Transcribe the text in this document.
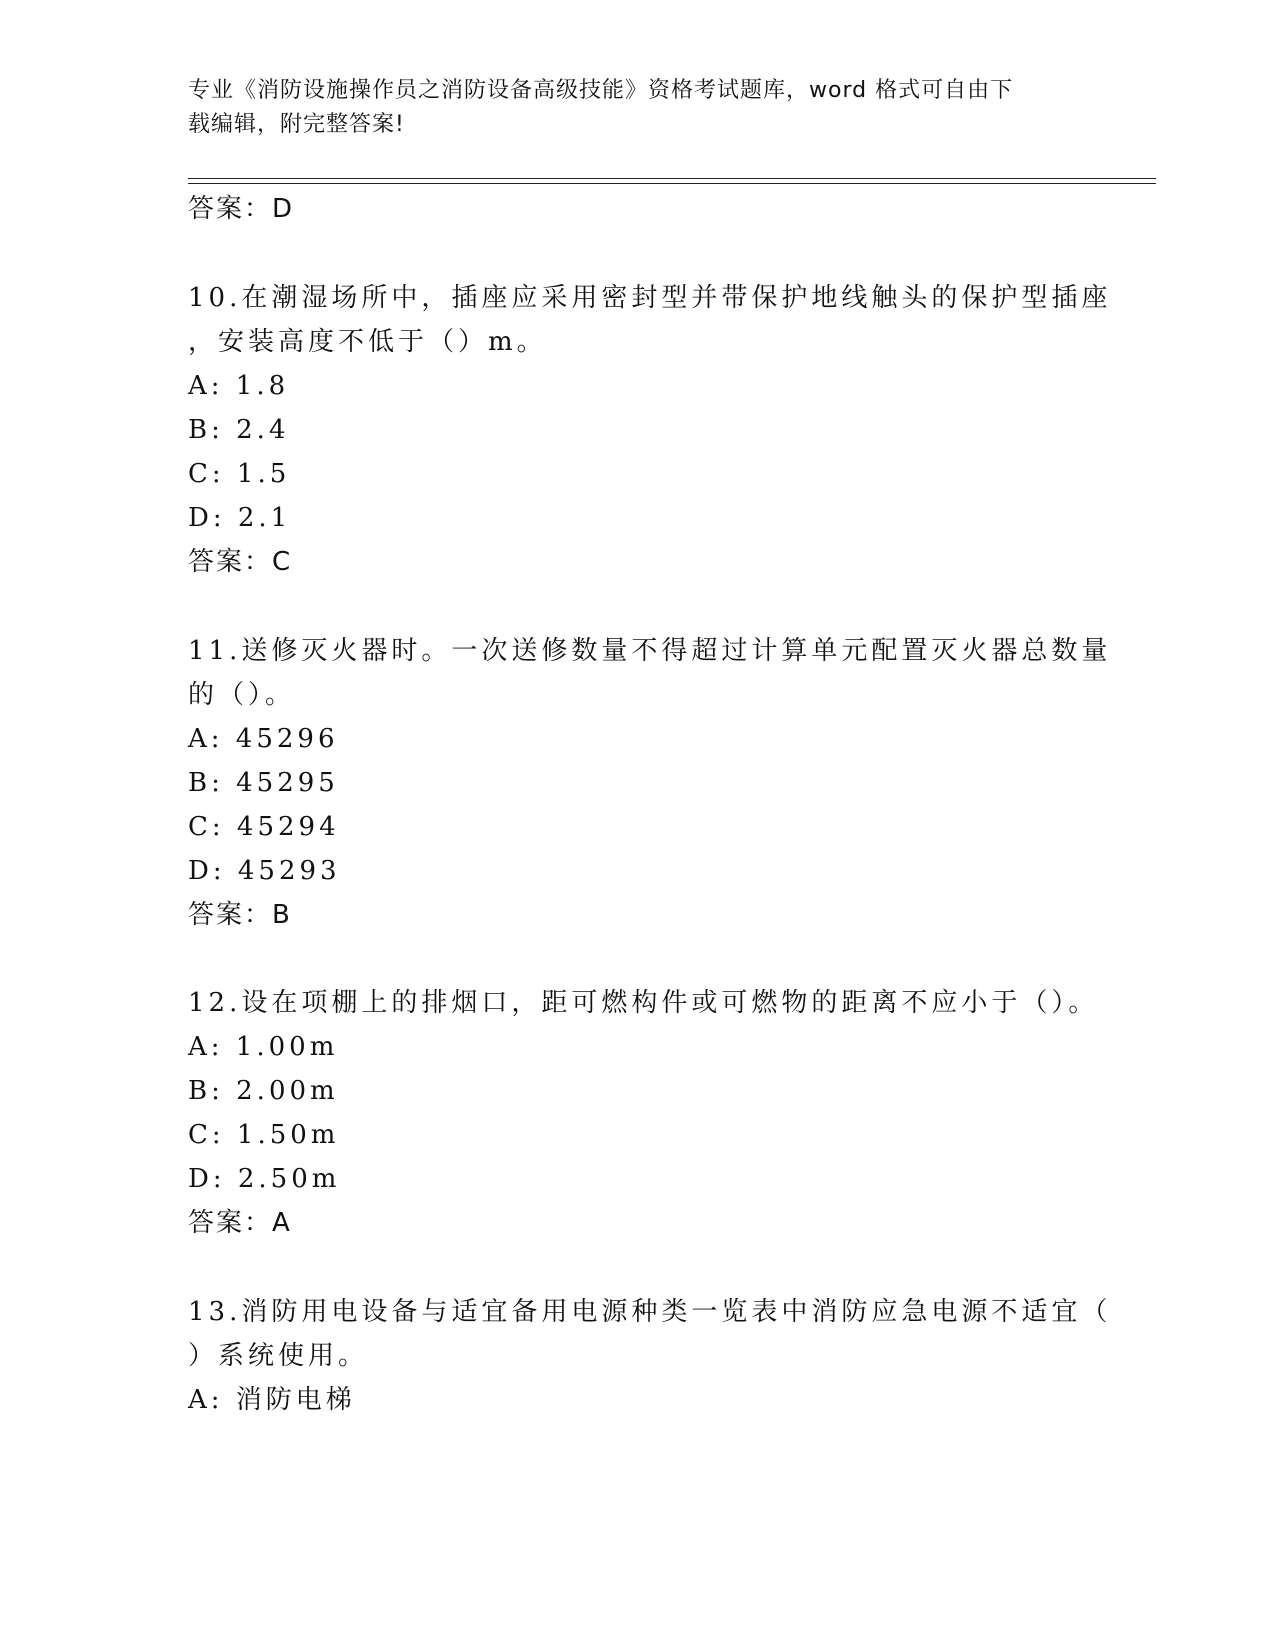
专业《消防设施操作员之消防设备高级技能》资格考试题库，word 格式可自由下
载编辑，附完整答案!
答案：D
10.在潮湿场所中，插座应采用密封型并带保护地线触头的保护型插座
，安装高度不低于（）m。
A: 1.8
B: 2.4
C: 1.5
D: 2.1
答案：C
11.送修灭火器时。一次送修数量不得超过计算单元配置灭火器总数量
的（）。
A: 45296
B: 45295
C: 45294
D: 45293
答案：B
12.设在项棚上的排烟口，距可燃构件或可燃物的距离不应小于（）。
A: 1.00m
B: 2.00m
C: 1.50m
D: 2.50m
答案：A
13.消防用电设备与适宜备用电源种类一览表中消防应急电源不适宜（
）系统使用。
A: 消防电梯
